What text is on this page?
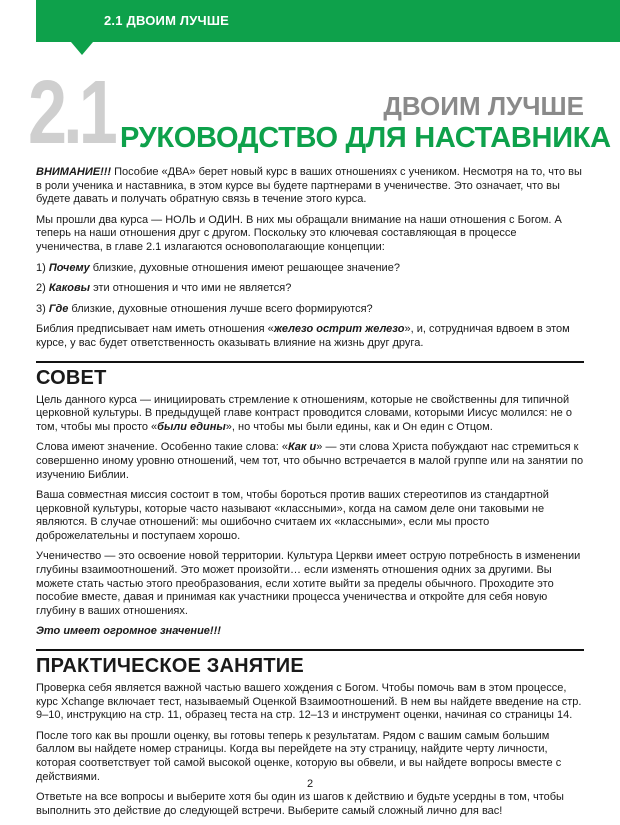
2.1 ДВОИМ ЛУЧШЕ
2.1	ДВОИМ ЛУЧШЕ
РУКОВОДСТВО ДЛЯ НАСТАВНИКА

ВНИМАНИЕ!!! Пособие «ДВА» берет новый курс в ваших отношениях с учеником. Несмотря на то, что вы в роли ученика и наставника, в этом курсе вы будете партнерами в ученичестве. Это означает, что вы будете давать и получать обратную связь в течение этого курса.

Мы прошли два курса — НОЛЬ и ОДИН. В них мы обращали внимание на наши отношения с Богом. А теперь на наши отношения друг с другом. Поскольку это ключевая составляющая в процессе ученичества, в главе 2.1 излагаются основополагающие концепции:

1) Почему близкие, духовные отношения имеют решающее значение?

2) Каковы эти отношения и что ими не является?

3) Где близкие, духовные отношения лучше всего формируются?

Библия предписывает нам иметь отношения «железо острит железо», и, сотрудничая вдвоем в этом курсе, у вас будет ответственность оказывать влияние на жизнь друг друга.

СОВЕТ

Цель данного курса — инициировать стремление к отношениям, которые не свойственны для типичной церковной культуры. В предыдущей главе контраст проводится словами, которыми Иисус молился: не о том, чтобы мы просто «были едины», но чтобы мы были едины, как и Он един с Отцом.

Слова имеют значение. Особенно такие слова: «Как и» — эти слова Христа побуждают нас стремиться к совершенно иному уровню отношений, чем тот, что обычно встречается в малой группе или на занятии по изучению Библии.

Ваша совместная миссия состоит в том, чтобы бороться против ваших стереотипов из стандартной церковной культуры, которые часто называют «классными», когда на самом деле они таковыми не являются. В случае отношений: мы ошибочно считаем их «классными», если мы просто доброжелательны и поступаем хорошо.

Ученичество — это освоение новой территории. Культура Церкви имеет острую потребность в изменении глубины взаимоотношений. Это может произойти… если изменять отношения одних за другими. Вы можете стать частью этого преобразования, если хотите выйти за пределы обычного. Проходите это пособие вместе, давая и принимая как участники процесса ученичества и откройте для себя новую глубину в ваших отношениях.

Это имеет огромное значение!!!

ПРАКТИЧЕСКОЕ ЗАНЯТИЕ

Проверка себя является важной частью вашего хождения с Богом. Чтобы помочь вам в этом процессе, курс Xchange включает тест, называемый Оценкой Взаимоотношений. В нем вы найдете введение на стр. 9–10, инструкцию на стр. 11, образец теста на стр. 12–13 и инструмент оценки, начиная со страницы 14.

После того как вы прошли оценку, вы готовы теперь к результатам. Рядом с вашим самым большим баллом вы найдете номер страницы. Когда вы перейдете на эту страницу, найдите черту личности, которая соответствует той самой высокой оценке, которую вы обвели, и вы найдете вопросы вместе с действиями.

Ответьте на все вопросы и выберите хотя бы один из шагов к действию и будьте усердны в том, чтобы выполнить это действие до следующей встречи. Выберите самый сложный лично для вас!

2
